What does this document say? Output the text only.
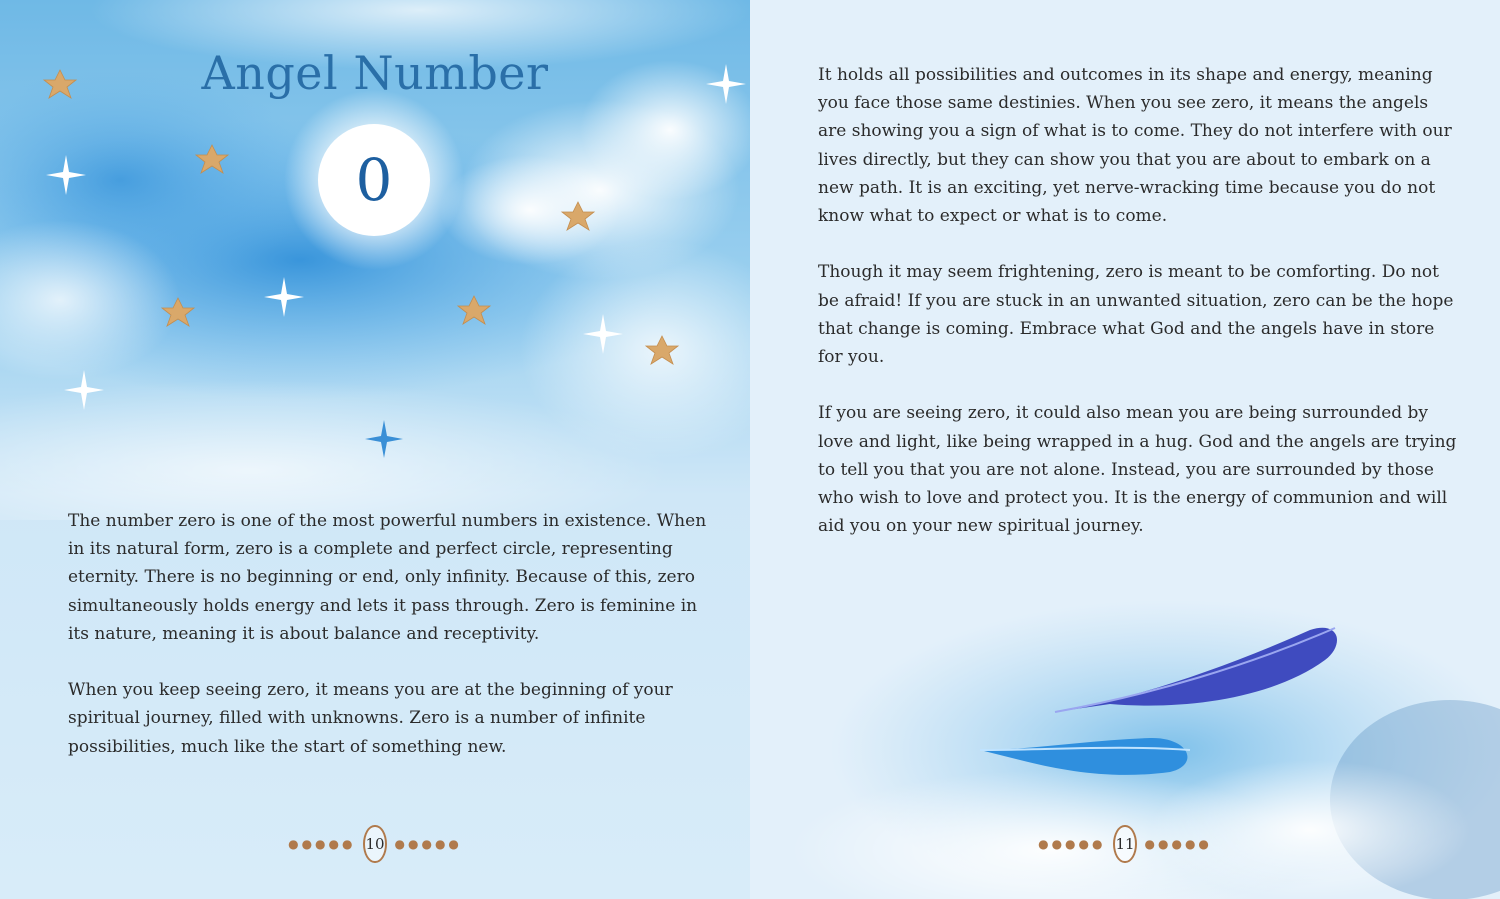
Angel Number
0

The number zero is one of the most powerful numbers in existence. When in its natural form, zero is a complete and perfect circle, representing eternity. There is no beginning or end, only infinity. Because of this, zero simultaneously holds energy and lets it pass through. Zero is feminine in its nature, meaning it is about balance and receptivity.

When you keep seeing zero, it means you are at the beginning of your spiritual journey, filled with unknowns. Zero is a number of infinite possibilities, much like the start of something new.

●●●●● 10 ●●●●●

It holds all possibilities and outcomes in its shape and energy, meaning you face those same destinies. When you see zero, it means the angels are showing you a sign of what is to come. They do not interfere with our lives directly, but they can show you that you are about to embark on a new path. It is an exciting, yet nerve-wracking time because you do not know what to expect or what is to come.

Though it may seem frightening, zero is meant to be comforting. Do not be afraid! If you are stuck in an unwanted situation, zero can be the hope that change is coming. Embrace what God and the angels have in store for you.

If you are seeing zero, it could also mean you are being surrounded by love and light, like being wrapped in a hug. God and the angels are trying to tell you that you are not alone. Instead, you are surrounded by those who wish to love and protect you. It is the energy of communion and will aid you on your new spiritual journey.

●●●●● 11 ●●●●●
